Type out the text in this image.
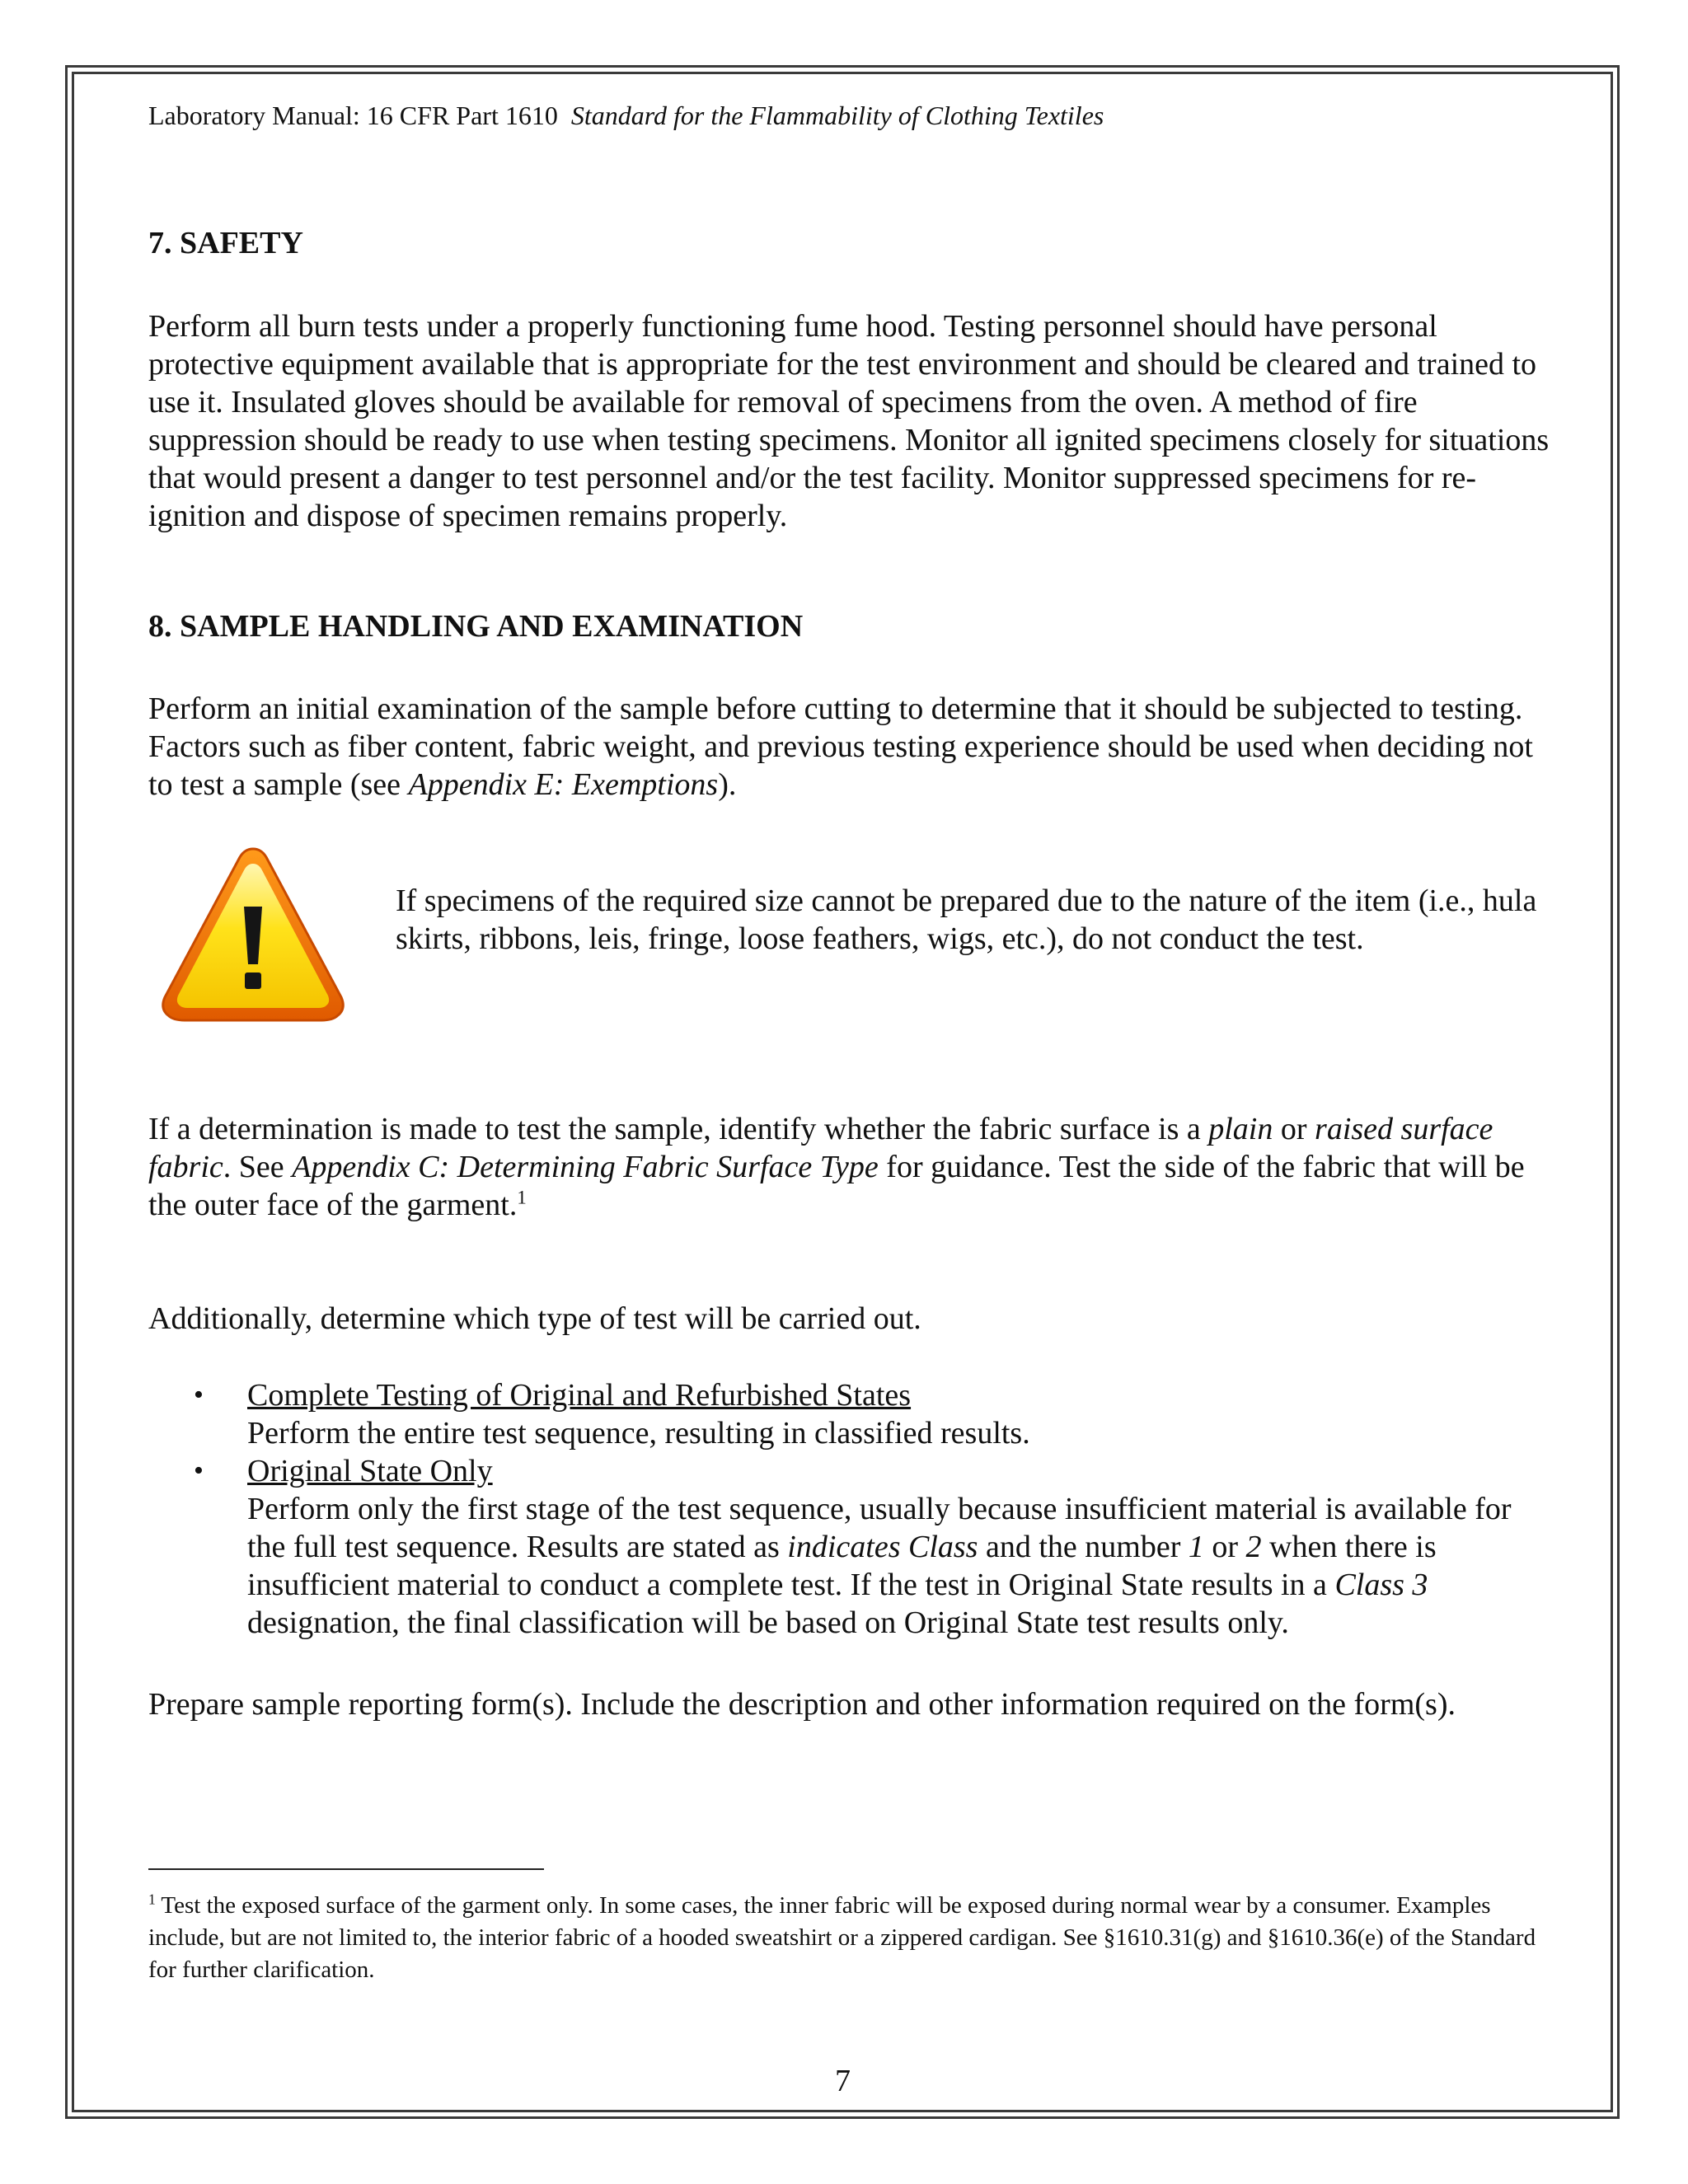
Laboratory Manual: 16 CFR Part 1610 Standard for the Flammability of Clothing Textiles

7. SAFETY

Perform all burn tests under a properly functioning fume hood. Testing personnel should have personal protective equipment available that is appropriate for the test environment and should be cleared and trained to use it. Insulated gloves should be available for removal of specimens from the oven. A method of fire suppression should be ready to use when testing specimens. Monitor all ignited specimens closely for situations that would present a danger to test personnel and/or the test facility. Monitor suppressed specimens for re-ignition and dispose of specimen remains properly.

8. SAMPLE HANDLING AND EXAMINATION

Perform an initial examination of the sample before cutting to determine that it should be subjected to testing. Factors such as fiber content, fabric weight, and previous testing experience should be used when deciding not to test a sample (see Appendix E: Exemptions).

If specimens of the required size cannot be prepared due to the nature of the item (i.e., hula skirts, ribbons, leis, fringe, loose feathers, wigs, etc.), do not conduct the test.

If a determination is made to test the sample, identify whether the fabric surface is a plain or raised surface fabric. See Appendix C: Determining Fabric Surface Type for guidance. Test the side of the fabric that will be the outer face of the garment.$^1$

Additionally, determine which type of test will be carried out.

• Complete Testing of Original and Refurbished States
Perform the entire test sequence, resulting in classified results.
• Original State Only
Perform only the first stage of the test sequence, usually because insufficient material is available for the full test sequence. Results are stated as indicates Class and the number 1 or 2 when there is insufficient material to conduct a complete test. If the test in Original State results in a Class 3 designation, the final classification will be based on Original State test results only.

Prepare sample reporting form(s). Include the description and other information required on the form(s).

$^1$ Test the exposed surface of the garment only. In some cases, the inner fabric will be exposed during normal wear by a consumer. Examples include, but are not limited to, the interior fabric of a hooded sweatshirt or a zippered cardigan. See §1610.31(g) and §1610.36(e) of the Standard for further clarification.

7
